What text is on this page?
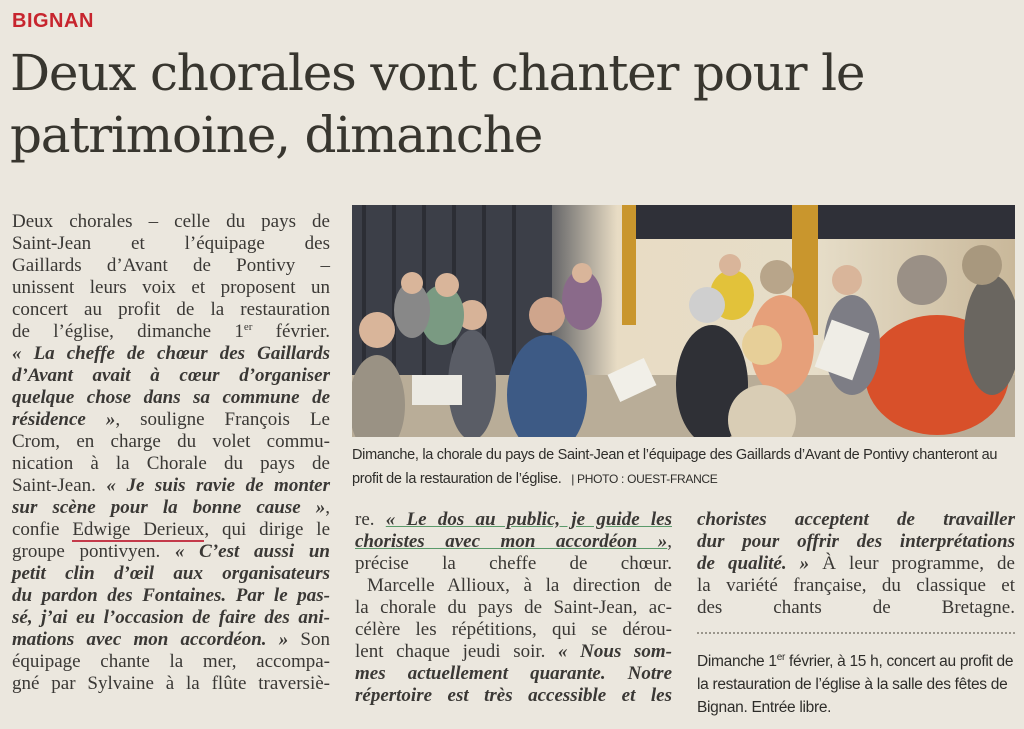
BIGNAN
Deux chorales vont chanter pour le
patrimoine, dimanche
Deux chorales – celle du pays de
Saint-Jean et l’équipage des
Gaillards d’Avant de Pontivy –
unissent leurs voix et proposent un
concert au profit de la restauration
de l’église, dimanche 1er février.
« La cheffe de chœur des Gaillards
d’Avant avait à cœur d’organiser
quelque chose dans sa commune de
résidence », souligne François Le
Crom, en charge du volet commu-
nication à la Chorale du pays de
Saint-Jean. « Je suis ravie de monter
sur scène pour la bonne cause »,
confie Edwige Derieux, qui dirige le
groupe pontivyen. « C’est aussi un
petit clin d’œil aux organisateurs
du pardon des Fontaines. Par le pas-
sé, j’ai eu l’occasion de faire des ani-
mations avec mon accordéon. » Son
équipage chante la mer, accompa-
gné par Sylvaine à la flûte traversiè-
Dimanche, la chorale du pays de Saint-Jean et l’équipage des Gaillards d’Avant de Pontivy chanteront au profit de la restauration de l’église. | PHOTO : OUEST-FRANCE
re. « Le dos au public, je guide les
choristes avec mon accordéon »,
précise la cheffe de chœur.
Marcelle Allioux, à la direction de
la chorale du pays de Saint-Jean, ac-
célère les répétitions, qui se dérou-
lent chaque jeudi soir. « Nous som-
mes actuellement quarante. Notre
répertoire est très accessible et les
choristes acceptent de travailler
dur pour offrir des interprétations
de qualité. » À leur programme, de
la variété française, du classique et
des chants de Bretagne.
Dimanche 1er février, à 15 h, concert au profit de la restauration de l’église à la salle des fêtes de Bignan. Entrée libre.
